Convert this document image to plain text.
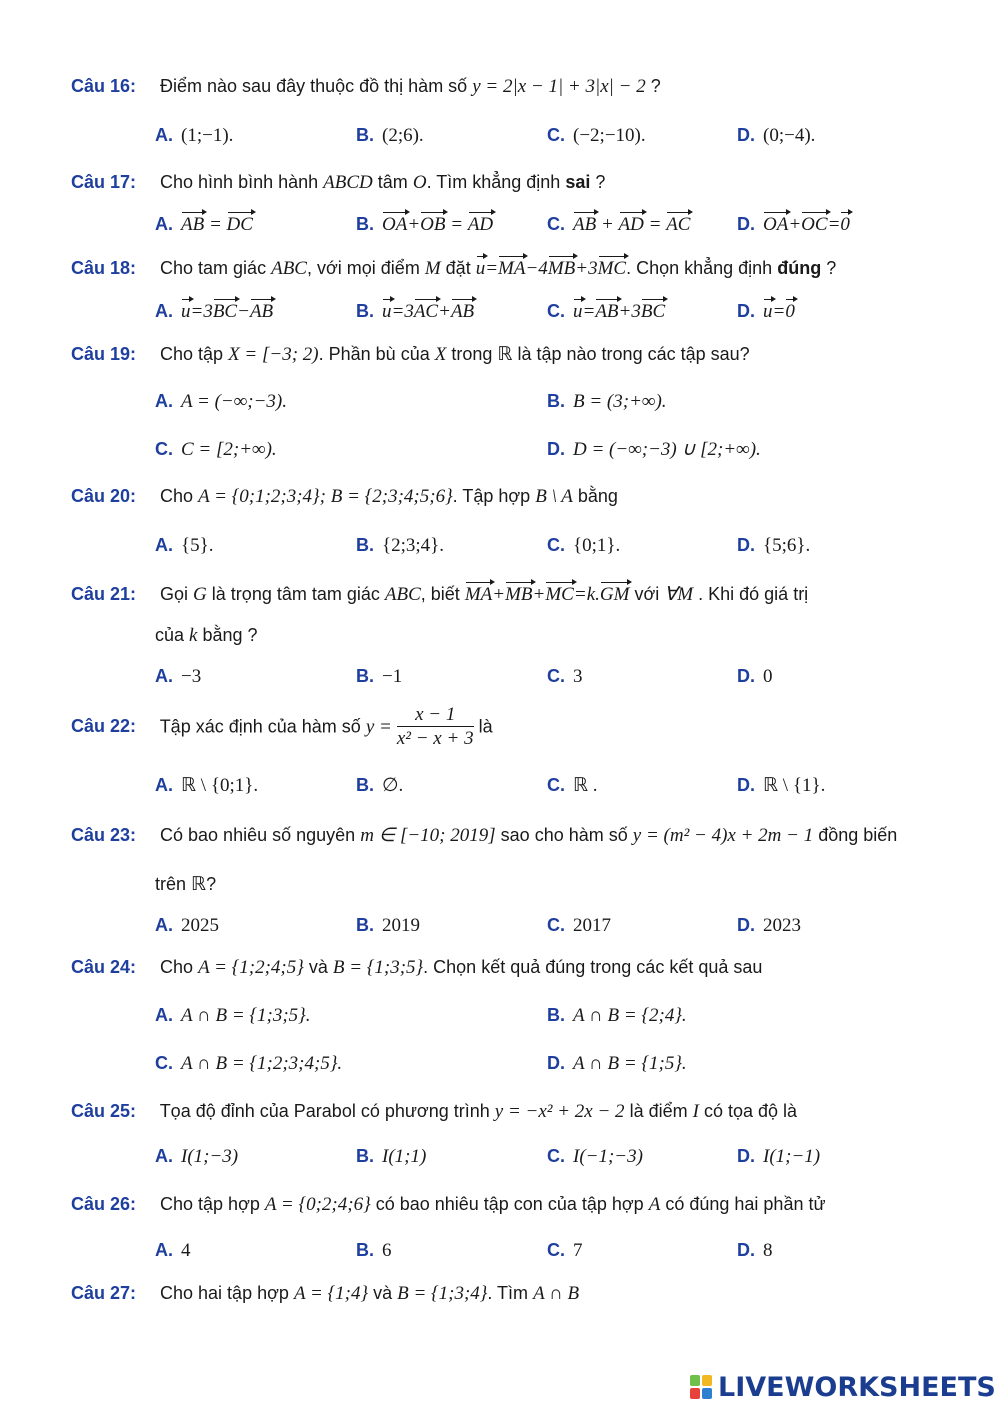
Câu 16: Điểm nào sau đây thuộc đồ thị hàm số y = 2|x − 1| + 3|x| − 2 ?
A. (1;−1).	B. (2;6).	C. (−2;−10).	D. (0;−4).
Câu 17: Cho hình bình hành ABCD tâm O. Tìm khẳng định sai ?
A. AB = DC	B. OA+OB = AD	C. AB + AD = AC	D. OA+OC=0
Câu 18: Cho tam giác ABC, với mọi điểm M đặt u=MA−4MB+3MC. Chọn khẳng định đúng ?
A. u=3BC−AB	B. u=3AC+AB	C. u=AB+3BC	D. u=0
Câu 19: Cho tập X = [−3; 2). Phần bù của X trong ℝ là tập nào trong các tập sau?
A. A = (−∞;−3).	B. B = (3;+∞).
C. C = [2;+∞).	D. D = (−∞;−3) ∪ [2;+∞).
Câu 20: Cho A = {0;1;2;3;4}; B = {2;3;4;5;6}. Tập hợp B \ A bằng
A. {5}.	B. {2;3;4}.	C. {0;1}.	D. {5;6}.
Câu 21: Gọi G là trọng tâm tam giác ABC, biết MA+MB+MC=k.GM với ∀M . Khi đó giá trị
của k bằng ?
A. −3	B. −1	C. 3	D. 0
Câu 22: Tập xác định của hàm số $y = \frac{x - 1}{\text{x² − x + 3}}$ là
A. ℝ \ {0;1}.	B. ∅.	C. ℝ .	D. ℝ \ {1}.
Câu 23: Có bao nhiêu số nguyên m ∈ [−10; 2019] sao cho hàm số y = (m² − 4)x + 2m − 1 đồng biến
trên ℝ?
A. 2025	B. 2019	C. 2017	D. 2023
Câu 24: Cho A = {1;2;4;5} và B = {1;3;5}. Chọn kết quả đúng trong các kết quả sau
A. A ∩ B = {1;3;5}.	B. A ∩ B = {2;4}.
C. A ∩ B = {1;2;3;4;5}.	D. A ∩ B = {1;5}.
Câu 25: Tọa độ đỉnh của Parabol có phương trình y = −x² + 2x − 2 là điểm I có tọa độ là
A. I(1;−3)	B. I(1;1)	C. I(−1;−3)	D. I(1;−1)
Câu 26: Cho tập hợp A = {0;2;4;6} có bao nhiêu tập con của tập hợp A có đúng hai phần tử
A. 4	B. 6	C. 7	D. 8
Câu 27: Cho hai tập hợp A = {1;4} và B = {1;3;4}. Tìm A ∩ B
LIVEWORKSHEETS
